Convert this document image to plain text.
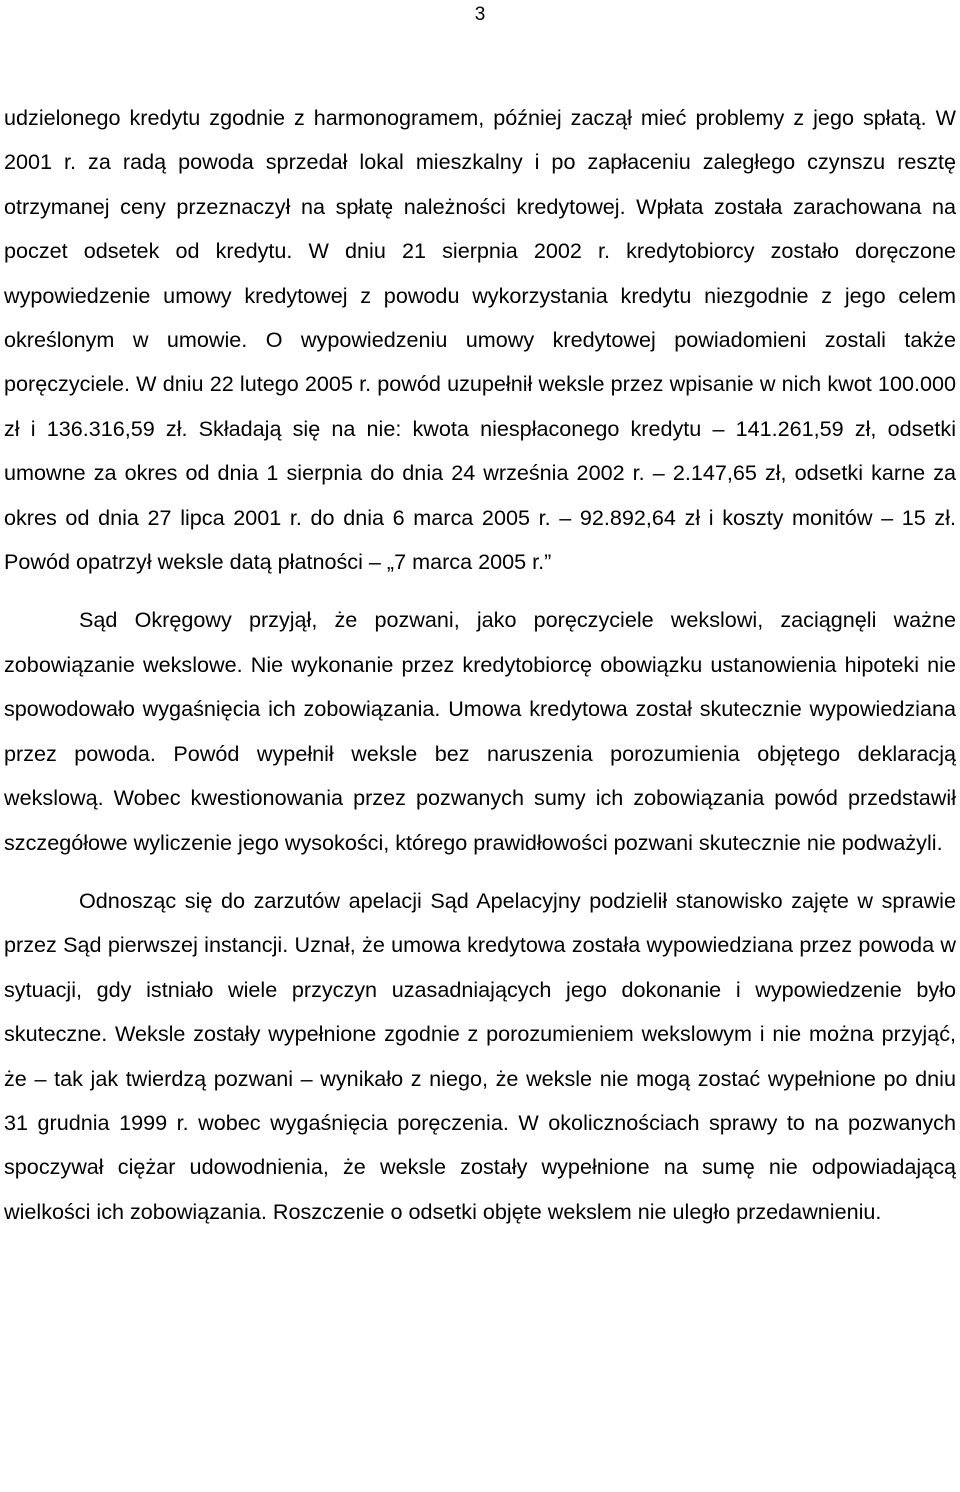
3

udzielonego kredytu zgodnie z harmonogramem, później zaczął mieć problemy z jego spłatą. W 2001 r. za radą powoda sprzedał lokal mieszkalny i po zapłaceniu zaległego czynszu resztę otrzymanej ceny przeznaczył na spłatę należności kredytowej. Wpłata została zarachowana na poczet odsetek od kredytu. W dniu 21 sierpnia 2002 r. kredytobiorcy zostało doręczone wypowiedzenie umowy kredytowej z powodu wykorzystania kredytu niezgodnie z jego celem określonym w umowie. O wypowiedzeniu umowy kredytowej powiadomieni zostali także poręczyciele. W dniu 22 lutego 2005 r. powód uzupełnił weksle przez wpisanie w nich kwot 100.000 zł i 136.316,59 zł. Składają się na nie: kwota niespłaconego kredytu – 141.261,59 zł, odsetki umowne za okres od dnia 1 sierpnia do dnia 24 września 2002 r. – 2.147,65 zł, odsetki karne za okres od dnia 27 lipca 2001 r. do dnia 6 marca 2005 r. – 92.892,64 zł i koszty monitów – 15 zł. Powód opatrzył weksle datą płatności – „7 marca 2005 r.”

Sąd Okręgowy przyjął, że pozwani, jako poręczyciele wekslowi, zaciągnęli ważne zobowiązanie wekslowe. Nie wykonanie przez kredytobiorcę obowiązku ustanowienia hipoteki nie spowodowało wygaśnięcia ich zobowiązania. Umowa kredytowa został skutecznie wypowiedziana przez powoda. Powód wypełnił weksle bez naruszenia porozumienia objętego deklaracją wekslową. Wobec kwestionowania przez pozwanych sumy ich zobowiązania powód przedstawił szczegółowe wyliczenie jego wysokości, którego prawidłowości pozwani skutecznie nie podważyli.

Odnosząc się do zarzutów apelacji Sąd Apelacyjny podzielił stanowisko zajęte w sprawie przez Sąd pierwszej instancji. Uznał, że umowa kredytowa została wypowiedziana przez powoda w sytuacji, gdy istniało wiele przyczyn uzasadniających jego dokonanie i wypowiedzenie było skuteczne. Weksle zostały wypełnione zgodnie z porozumieniem wekslowym i nie można przyjąć, że – tak jak twierdzą pozwani – wynikało z niego, że weksle nie mogą zostać wypełnione po dniu 31 grudnia 1999 r. wobec wygaśnięcia poręczenia. W okolicznościach sprawy to na pozwanych spoczywał ciężar udowodnienia, że weksle zostały wypełnione na sumę nie odpowiadającą wielkości ich zobowiązania. Roszczenie o odsetki objęte wekslem nie uległo przedawnieniu.
